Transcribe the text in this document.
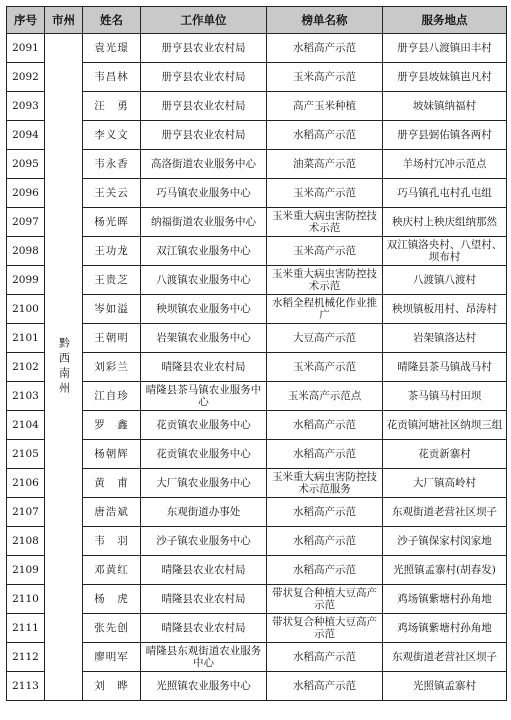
序号	市州	姓名	工作单位	榜单名称	服务地点
2091	黔西南州	袁光璟	册亨县农业农村局	水稻高产示范	册亨县八渡镇田丰村
2092		韦昌林	册亨县农业农村局	玉米高产示范	册亨县坡妹镇岜凡村
2093		汪　勇	册亨县农业农村局	高产玉米种植	坡妹镇纳福村
2094		李义文	册亨县农业农村局	水稻高产示范	册亨县弼佑镇各两村
2095		韦永香	高洛街道农业服务中心	油菜高产示范	羊场村冗冲示范点
2096		王关云	巧马镇农业服务中心	玉米高产示范	巧马镇孔屯村孔屯组
2097		杨光晖	纳福街道农业服务中心	玉米重大病虫害防控技术示范	秧庆村上秧庆组纳那然
2098		王功龙	双江镇农业服务中心	玉米高产示范	双江镇洛央村、八望村、坝布村
2099		王贵芝	八渡镇农业服务中心	玉米重大病虫害防控技术示范	八渡镇八渡村
2100		岑如溢	秧坝镇农业服务中心	水稻全程机械化作业推广	秧坝镇板用村、昂涛村
2101		王朝明	岩架镇农业服务中心	大豆高产示范	岩架镇洛达村
2102		刘彩兰	晴隆县农业农村局	玉米高产示范	晴隆县茶马镇战马村
2103		江自珍	晴隆县茶马镇农业服务中心	玉米高产示范点	茶马镇马村田坝
2104		罗　鑫	花贡镇农业服务中心	水稻高产示范	花贡镇河塘社区纳坝三组
2105		杨朝辉	花贡镇农业服务中心	水稻高产示范	花贡新寨村
2106		黄　甫	大厂镇农业服务中心	玉米重大病虫害防控技术示范服务	大厂镇高岭村
2107		唐浩斌	东观街道办事处	水稻高产示范	东观街道老营社区坝子
2108		韦　羽	沙子镇农业服务中心	水稻高产示范	沙子镇保家村闵家地
2109		邓黄红	晴隆县农业农村局	水稻高产示范	光照镇孟寨村(胡春发)
2110		杨　虎	晴隆县农业农村局	带状复合种植大豆高产示范	鸡场镇紫塘村孙角地
2111		张先创	晴隆县农业农村局	带状复合种植大豆高产示范	鸡场镇紫塘村孙角地
2112		廖明军	晴隆县东观街道农业服务中心	水稻高产示范	东观街道老营社区坝子
2113		刘　晔	光照镇农业服务中心	水稻高产示范	光照镇孟寨村
